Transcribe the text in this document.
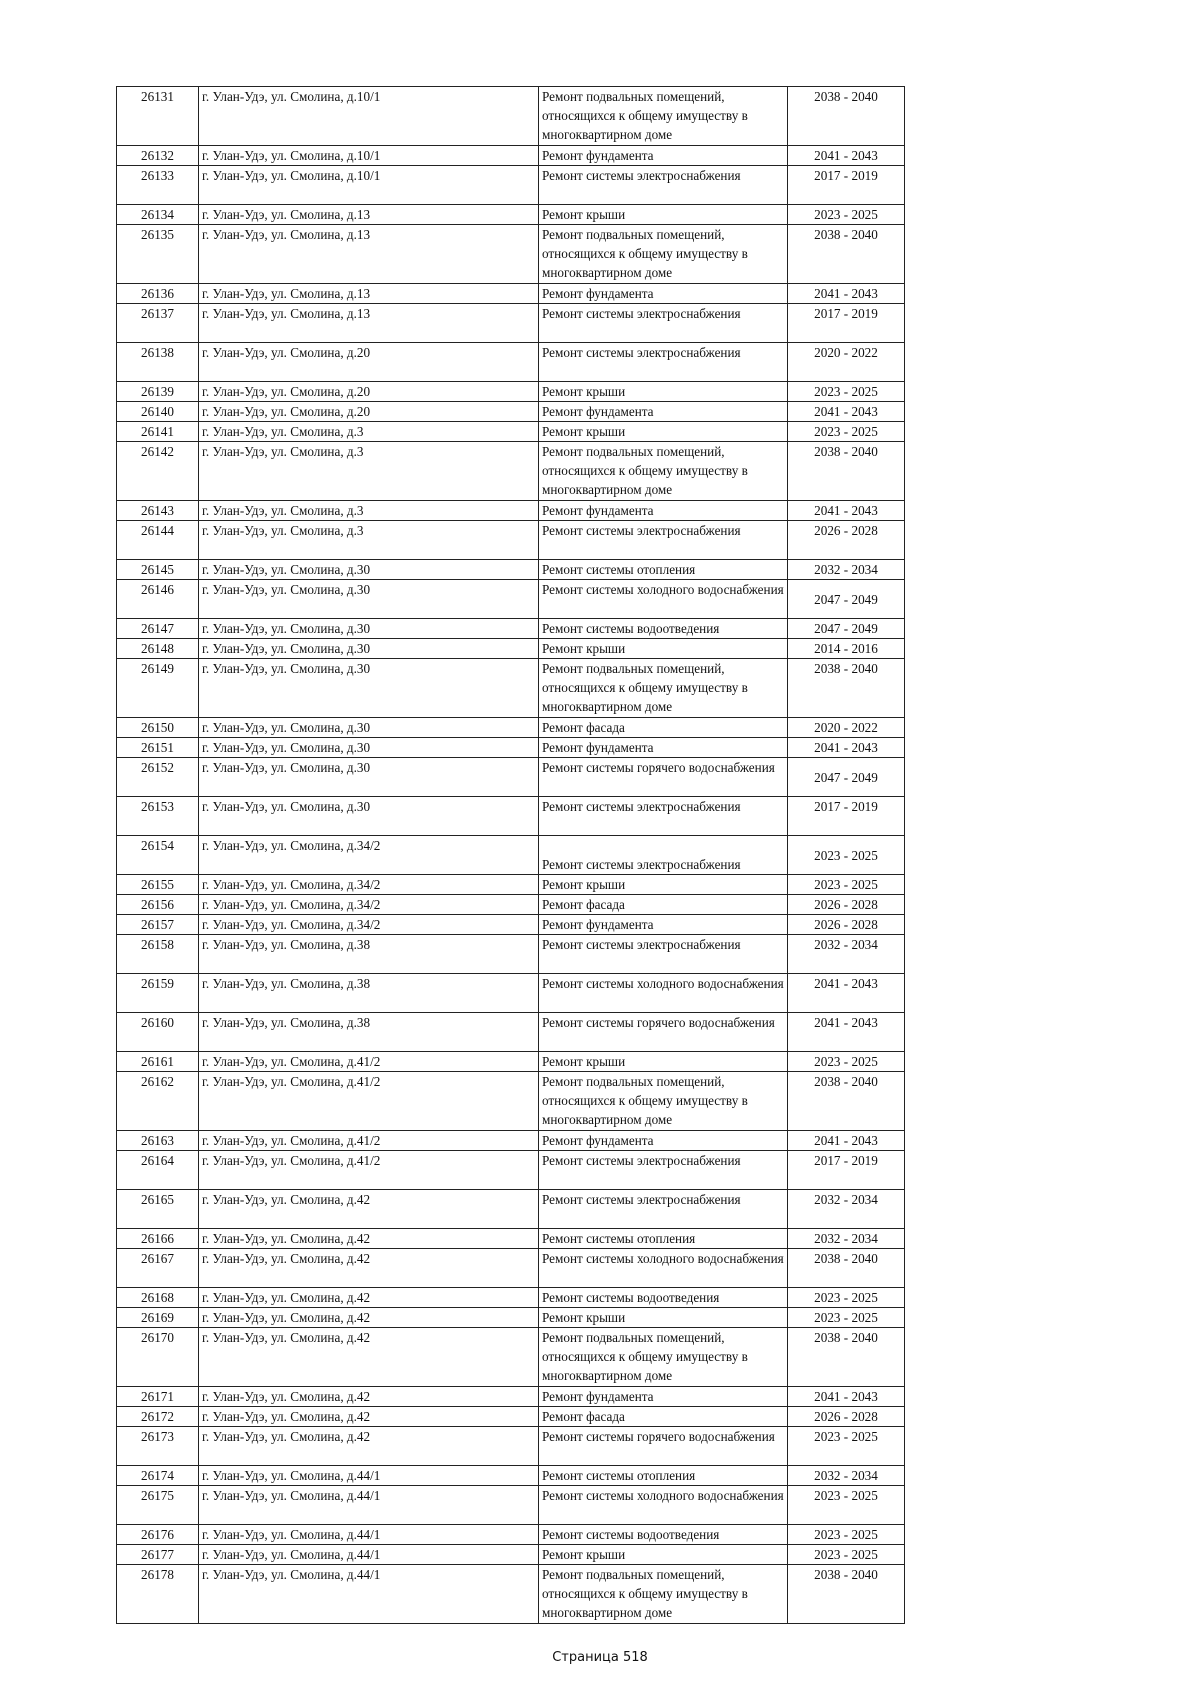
26131	г. Улан-Удэ, ул. Смолина, д.10/1	Ремонт подвальных помещений, относящихся к общему имуществу в многоквартирном доме	2038 - 2040
26132	г. Улан-Удэ, ул. Смолина, д.10/1	Ремонт фундамента	2041 - 2043
26133	г. Улан-Удэ, ул. Смолина, д.10/1	Ремонт системы электроснабжения	2017 - 2019
26134	г. Улан-Удэ, ул. Смолина, д.13	Ремонт крыши	2023 - 2025
26135	г. Улан-Удэ, ул. Смолина, д.13	Ремонт подвальных помещений, относящихся к общему имуществу в многоквартирном доме	2038 - 2040
26136	г. Улан-Удэ, ул. Смолина, д.13	Ремонт фундамента	2041 - 2043
26137	г. Улан-Удэ, ул. Смолина, д.13	Ремонт системы электроснабжения	2017 - 2019
26138	г. Улан-Удэ, ул. Смолина, д.20	Ремонт системы электроснабжения	2020 - 2022
26139	г. Улан-Удэ, ул. Смолина, д.20	Ремонт крыши	2023 - 2025
26140	г. Улан-Удэ, ул. Смолина, д.20	Ремонт фундамента	2041 - 2043
26141	г. Улан-Удэ, ул. Смолина, д.3	Ремонт крыши	2023 - 2025
26142	г. Улан-Удэ, ул. Смолина, д.3	Ремонт подвальных помещений, относящихся к общему имуществу в многоквартирном доме	2038 - 2040
26143	г. Улан-Удэ, ул. Смолина, д.3	Ремонт фундамента	2041 - 2043
26144	г. Улан-Удэ, ул. Смолина, д.3	Ремонт системы электроснабжения	2026 - 2028
26145	г. Улан-Удэ, ул. Смолина, д.30	Ремонт системы отопления	2032 - 2034
26146	г. Улан-Удэ, ул. Смолина, д.30	Ремонт системы холодного водоснабжения	2047 - 2049
26147	г. Улан-Удэ, ул. Смолина, д.30	Ремонт системы водоотведения	2047 - 2049
26148	г. Улан-Удэ, ул. Смолина, д.30	Ремонт крыши	2014 - 2016
26149	г. Улан-Удэ, ул. Смолина, д.30	Ремонт подвальных помещений, относящихся к общему имуществу в многоквартирном доме	2038 - 2040
26150	г. Улан-Удэ, ул. Смолина, д.30	Ремонт фасада	2020 - 2022
26151	г. Улан-Удэ, ул. Смолина, д.30	Ремонт фундамента	2041 - 2043
26152	г. Улан-Удэ, ул. Смолина, д.30	Ремонт системы горячего водоснабжения	2047 - 2049
26153	г. Улан-Удэ, ул. Смолина, д.30	Ремонт системы электроснабжения	2017 - 2019
26154	г. Улан-Удэ, ул. Смолина, д.34/2	Ремонт системы электроснабжения	2023 - 2025
26155	г. Улан-Удэ, ул. Смолина, д.34/2	Ремонт крыши	2023 - 2025
26156	г. Улан-Удэ, ул. Смолина, д.34/2	Ремонт фасада	2026 - 2028
26157	г. Улан-Удэ, ул. Смолина, д.34/2	Ремонт фундамента	2026 - 2028
26158	г. Улан-Удэ, ул. Смолина, д.38	Ремонт системы электроснабжения	2032 - 2034
26159	г. Улан-Удэ, ул. Смолина, д.38	Ремонт системы холодного водоснабжения	2041 - 2043
26160	г. Улан-Удэ, ул. Смолина, д.38	Ремонт системы горячего водоснабжения	2041 - 2043
26161	г. Улан-Удэ, ул. Смолина, д.41/2	Ремонт крыши	2023 - 2025
26162	г. Улан-Удэ, ул. Смолина, д.41/2	Ремонт подвальных помещений, относящихся к общему имуществу в многоквартирном доме	2038 - 2040
26163	г. Улан-Удэ, ул. Смолина, д.41/2	Ремонт фундамента	2041 - 2043
26164	г. Улан-Удэ, ул. Смолина, д.41/2	Ремонт системы электроснабжения	2017 - 2019
26165	г. Улан-Удэ, ул. Смолина, д.42	Ремонт системы электроснабжения	2032 - 2034
26166	г. Улан-Удэ, ул. Смолина, д.42	Ремонт системы отопления	2032 - 2034
26167	г. Улан-Удэ, ул. Смолина, д.42	Ремонт системы холодного водоснабжения	2038 - 2040
26168	г. Улан-Удэ, ул. Смолина, д.42	Ремонт системы водоотведения	2023 - 2025
26169	г. Улан-Удэ, ул. Смолина, д.42	Ремонт крыши	2023 - 2025
26170	г. Улан-Удэ, ул. Смолина, д.42	Ремонт подвальных помещений, относящихся к общему имуществу в многоквартирном доме	2038 - 2040
26171	г. Улан-Удэ, ул. Смолина, д.42	Ремонт фундамента	2041 - 2043
26172	г. Улан-Удэ, ул. Смолина, д.42	Ремонт фасада	2026 - 2028
26173	г. Улан-Удэ, ул. Смолина, д.42	Ремонт системы горячего водоснабжения	2023 - 2025
26174	г. Улан-Удэ, ул. Смолина, д.44/1	Ремонт системы отопления	2032 - 2034
26175	г. Улан-Удэ, ул. Смолина, д.44/1	Ремонт системы холодного водоснабжения	2023 - 2025
26176	г. Улан-Удэ, ул. Смолина, д.44/1	Ремонт системы водоотведения	2023 - 2025
26177	г. Улан-Удэ, ул. Смолина, д.44/1	Ремонт крыши	2023 - 2025
26178	г. Улан-Удэ, ул. Смолина, д.44/1	Ремонт подвальных помещений, относящихся к общему имуществу в многоквартирном доме	2038 - 2040
Страница 518
